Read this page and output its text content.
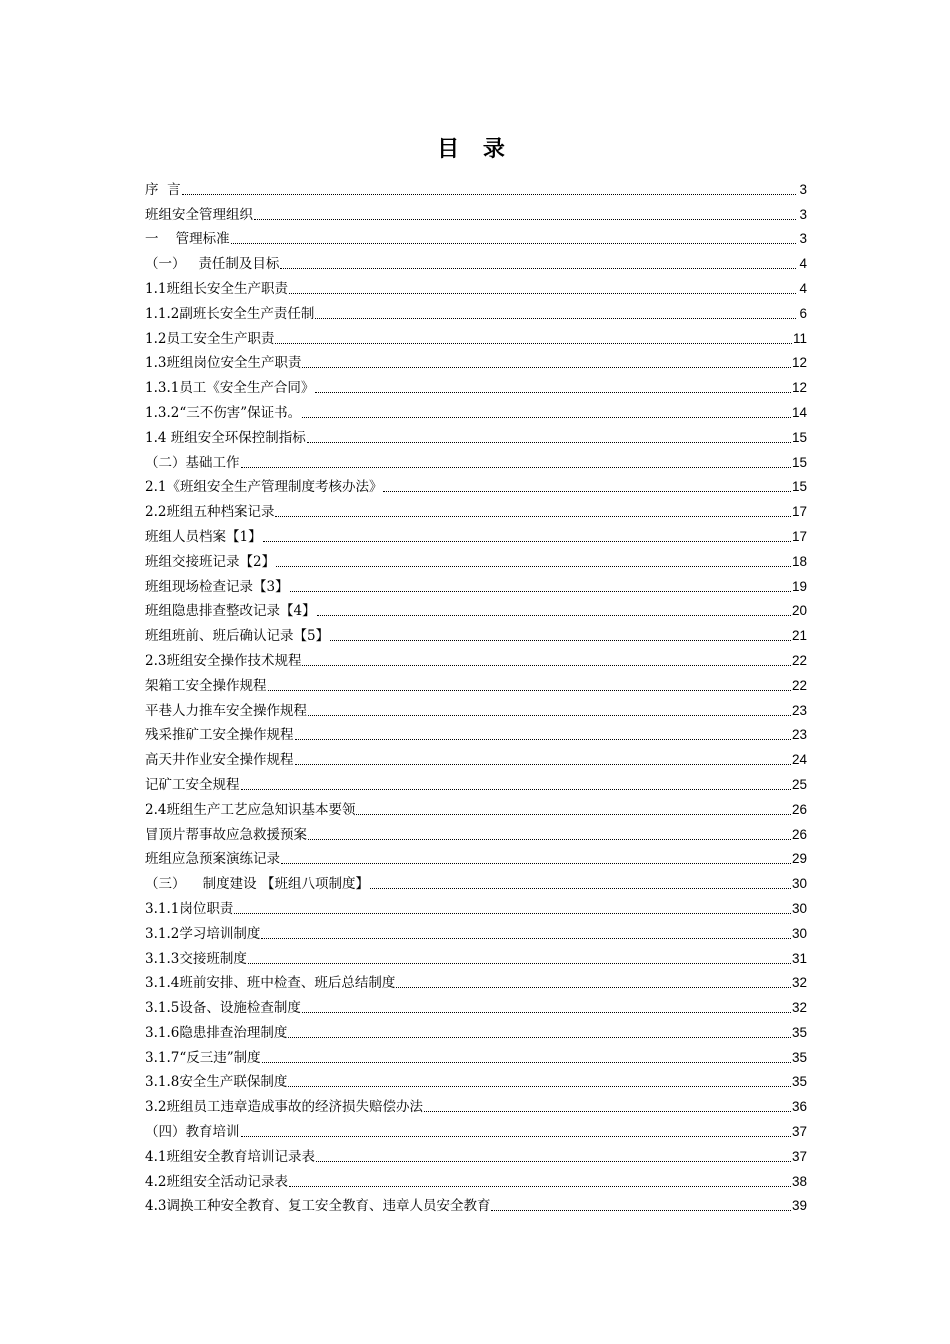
目 录
序  言	3
班组安全管理组织	3
一    管理标准	3
（一）   责任制及目标	4
1.1班组长安全生产职责	4
1.1.2副班长安全生产责任制	6
1.2员工安全生产职责	11
1.3班组岗位安全生产职责	12
1.3.1员工《安全生产合同》	12
1.3.2“三不伤害”保证书。	14
1.4 班组安全环保控制指标	15
（二）基础工作	15
2.1《班组安全生产管理制度考核办法》	15
2.2班组五种档案记录	17
班组人员档案【1】	17
班组交接班记录【2】	18
班组现场检查记录【3】	19
班组隐患排查整改记录【4】	20
班组班前、班后确认记录【5】	21
2.3班组安全操作技术规程	22
架箱工安全操作规程	22
平巷人力推车安全操作规程	23
残采推矿工安全操作规程	23
高天井作业安全操作规程	24
记矿工安全规程	25
2.4班组生产工艺应急知识基本要领	26
冒顶片帮事故应急救援预案	26
班组应急预案演练记录	29
（三）    制度建设 【班组八项制度】	30
3.1.1岗位职责	30
3.1.2学习培训制度	30
3.1.3交接班制度	31
3.1.4班前安排、班中检查、班后总结制度	32
3.1.5设备、设施检查制度	32
3.1.6隐患排查治理制度	35
3.1.7“反三违”制度	35
3.1.8安全生产联保制度	35
3.2班组员工违章造成事故的经济损失赔偿办法	36
（四）教育培训	37
4.1班组安全教育培训记录表	37
4.2班组安全活动记录表	38
4.3调换工种安全教育、复工安全教育、违章人员安全教育	39
